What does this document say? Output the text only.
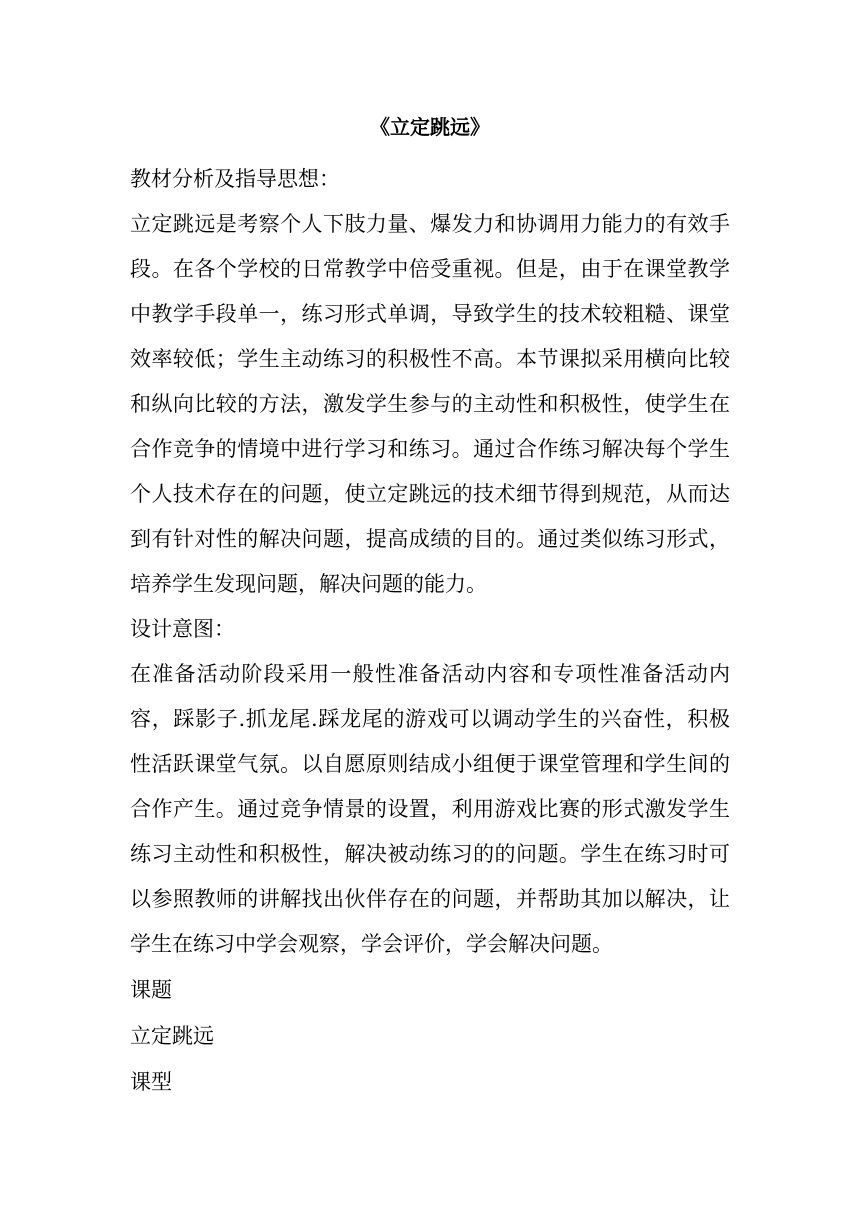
《立定跳远》

教材分析及指导思想：

立定跳远是考察个人下肢力量、爆发力和协调用力能力的有效手段。在各个学校的日常教学中倍受重视。但是，由于在课堂教学中教学手段单一，练习形式单调，导致学生的技术较粗糙、课堂效率较低；学生主动练习的积极性不高。本节课拟采用横向比较和纵向比较的方法，激发学生参与的主动性和积极性，使学生在合作竞争的情境中进行学习和练习。通过合作练习解决每个学生个人技术存在的问题，使立定跳远的技术细节得到规范，从而达到有针对性的解决问题，提高成绩的目的。通过类似练习形式，培养学生发现问题，解决问题的能力。

设计意图：

在准备活动阶段采用一般性准备活动内容和专项性准备活动内容，踩影子.抓龙尾.踩龙尾的游戏可以调动学生的兴奋性，积极性活跃课堂气氛。以自愿原则结成小组便于课堂管理和学生间的合作产生。通过竞争情景的设置，利用游戏比赛的形式激发学生练习主动性和积极性，解决被动练习的的问题。学生在练习时可以参照教师的讲解找出伙伴存在的问题，并帮助其加以解决，让学生在练习中学会观察，学会评价，学会解决问题。

课题

立定跳远

课型
